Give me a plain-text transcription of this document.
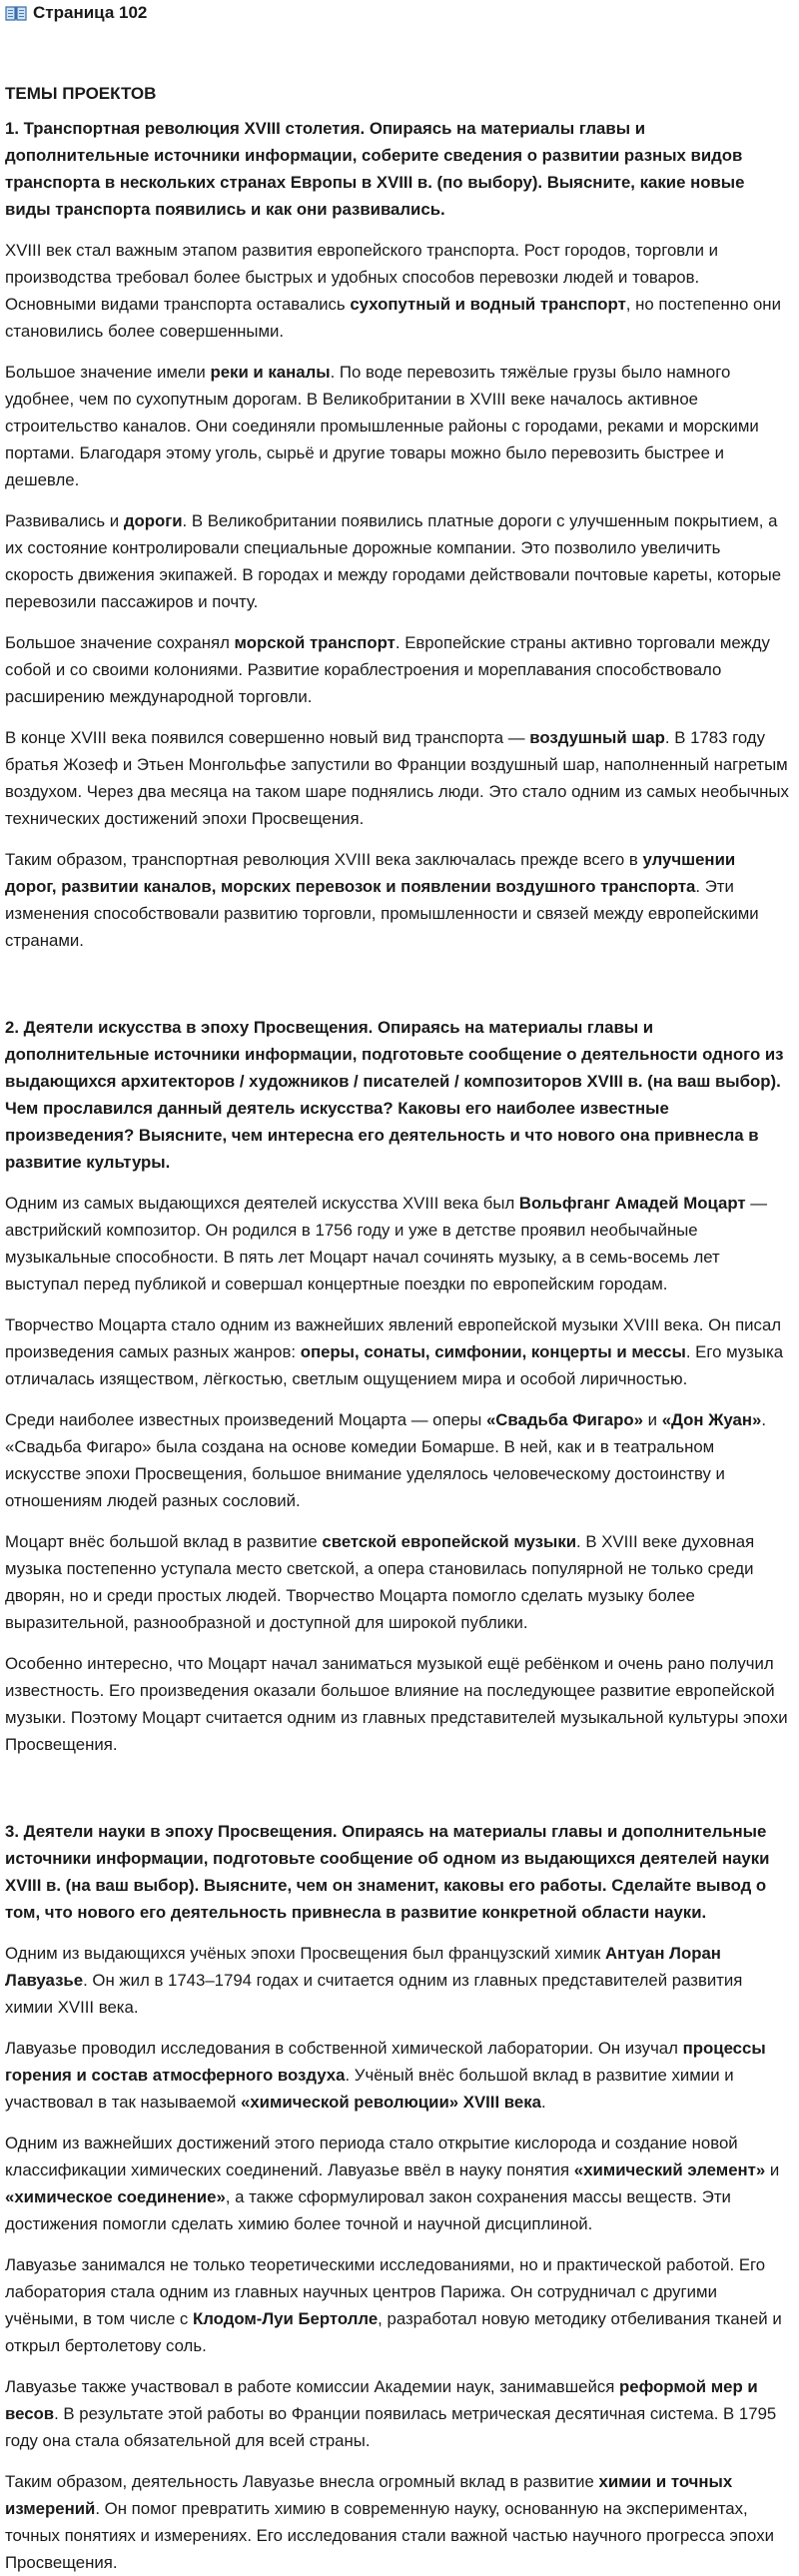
Страница 102
ТЕМЫ ПРОЕКТОВ
1. Транспортная революция XVIII столетия. Опираясь на материалы главы и дополнительные источники информации, соберите сведения о развитии разных видов транспорта в нескольких странах Европы в XVIII в. (по выбору). Выясните, какие новые виды транспорта появились и как они развивались.

XVIII век стал важным этапом развития европейского транспорта. Рост городов, торговли и производства требовал более быстрых и удобных способов перевозки людей и товаров. Основными видами транспорта оставались сухопутный и водный транспорт, но постепенно они становились более совершенными.

Большое значение имели реки и каналы. По воде перевозить тяжёлые грузы было намного удобнее, чем по сухопутным дорогам. В Великобритании в XVIII веке началось активное строительство каналов. Они соединяли промышленные районы с городами, реками и морскими портами. Благодаря этому уголь, сырьё и другие товары можно было перевозить быстрее и дешевле.

Развивались и дороги. В Великобритании появились платные дороги с улучшенным покрытием, а их состояние контролировали специальные дорожные компании. Это позволило увеличить скорость движения экипажей. В городах и между городами действовали почтовые кареты, которые перевозили пассажиров и почту.

Большое значение сохранял морской транспорт. Европейские страны активно торговали между собой и со своими колониями. Развитие кораблестроения и мореплавания способствовало расширению международной торговли.

В конце XVIII века появился совершенно новый вид транспорта — воздушный шар. В 1783 году братья Жозеф и Этьен Монгольфье запустили во Франции воздушный шар, наполненный нагретым воздухом. Через два месяца на таком шаре поднялись люди. Это стало одним из самых необычных технических достижений эпохи Просвещения.

Таким образом, транспортная революция XVIII века заключалась прежде всего в улучшении дорог, развитии каналов, морских перевозок и появлении воздушного транспорта. Эти изменения способствовали развитию торговли, промышленности и связей между европейскими странами.

2. Деятели искусства в эпоху Просвещения. Опираясь на материалы главы и дополнительные источники информации, подготовьте сообщение о деятельности одного из выдающихся архитекторов / художников / писателей / композиторов XVIII в. (на ваш выбор). Чем прославился данный деятель искусства? Каковы его наиболее известные произведения? Выясните, чем интересна его деятельность и что нового она привнесла в развитие культуры.

Одним из самых выдающихся деятелей искусства XVIII века был Вольфганг Амадей Моцарт — австрийский композитор. Он родился в 1756 году и уже в детстве проявил необычайные музыкальные способности. В пять лет Моцарт начал сочинять музыку, а в семь-восемь лет выступал перед публикой и совершал концертные поездки по европейским городам.

Творчество Моцарта стало одним из важнейших явлений европейской музыки XVIII века. Он писал произведения самых разных жанров: оперы, сонаты, симфонии, концерты и мессы. Его музыка отличалась изяществом, лёгкостью, светлым ощущением мира и особой лиричностью.

Среди наиболее известных произведений Моцарта — оперы «Свадьба Фигаро» и «Дон Жуан». «Свадьба Фигаро» была создана на основе комедии Бомарше. В ней, как и в театральном искусстве эпохи Просвещения, большое внимание уделялось человеческому достоинству и отношениям людей разных сословий.

Моцарт внёс большой вклад в развитие светской европейской музыки. В XVIII веке духовная музыка постепенно уступала место светской, а опера становилась популярной не только среди дворян, но и среди простых людей. Творчество Моцарта помогло сделать музыку более выразительной, разнообразной и доступной для широкой публики.

Особенно интересно, что Моцарт начал заниматься музыкой ещё ребёнком и очень рано получил известность. Его произведения оказали большое влияние на последующее развитие европейской музыки. Поэтому Моцарт считается одним из главных представителей музыкальной культуры эпохи Просвещения.

3. Деятели науки в эпоху Просвещения. Опираясь на материалы главы и дополнительные источники информации, подготовьте сообщение об одном из выдающихся деятелей науки XVIII в. (на ваш выбор). Выясните, чем он знаменит, каковы его работы. Сделайте вывод о том, что нового его деятельность привнесла в развитие конкретной области науки.

Одним из выдающихся учёных эпохи Просвещения был французский химик Антуан Лоран Лавуазье. Он жил в 1743–1794 годах и считается одним из главных представителей развития химии XVIII века.

Лавуазье проводил исследования в собственной химической лаборатории. Он изучал процессы горения и состав атмосферного воздуха. Учёный внёс большой вклад в развитие химии и участвовал в так называемой «химической революции» XVIII века.

Одним из важнейших достижений этого периода стало открытие кислорода и создание новой классификации химических соединений. Лавуазье ввёл в науку понятия «химический элемент» и «химическое соединение», а также сформулировал закон сохранения массы веществ. Эти достижения помогли сделать химию более точной и научной дисциплиной.

Лавуазье занимался не только теоретическими исследованиями, но и практической работой. Его лаборатория стала одним из главных научных центров Парижа. Он сотрудничал с другими учёными, в том числе с Клодом-Луи Бертолле, разработал новую методику отбеливания тканей и открыл бертолетову соль.

Лавуазье также участвовал в работе комиссии Академии наук, занимавшейся реформой мер и весов. В результате этой работы во Франции появилась метрическая десятичная система. В 1795 году она стала обязательной для всей страны.

Таким образом, деятельность Лавуазье внесла огромный вклад в развитие химии и точных измерений. Он помог превратить химию в современную науку, основанную на экспериментах, точных понятиях и измерениях. Его исследования стали важной частью научного прогресса эпохи Просвещения.
